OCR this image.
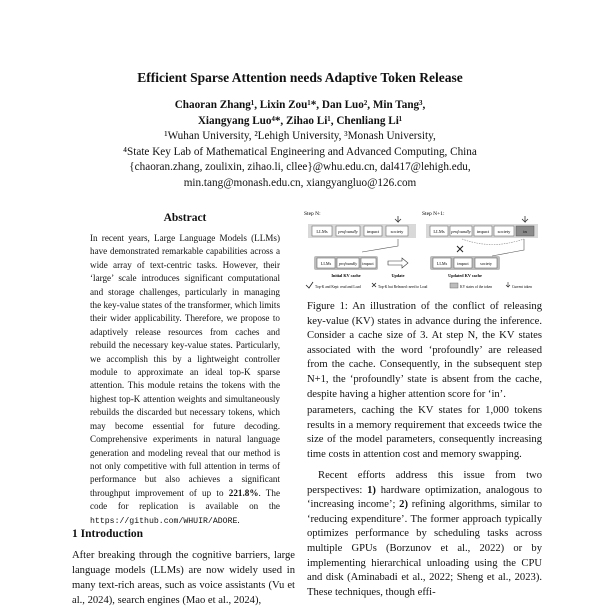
Efficient Sparse Attention needs Adaptive Token Release
Chaoran Zhang¹, Lixin Zou¹*, Dan Luo², Min Tang³,
Xiangyang Luo⁴*, Zihao Li¹, Chenliang Li¹
¹Wuhan University, ²Lehigh University, ³Monash University,
⁴State Key Lab of Mathematical Engineering and Advanced Computing, China
{chaoran.zhang, zoulixin, zihao.li, cllee}@whu.edu.cn, dal417@lehigh.edu,
min.tang@monash.edu.cn, xiangyangluo@126.com
Abstract
In recent years, Large Language Models (LLMs) have demonstrated remarkable capabilities across a wide array of text-centric tasks. However, their ‘large’ scale introduces significant computational and storage challenges, particularly in managing the key-value states of the transformer, which limits their wider applicability. Therefore, we propose to adaptively release resources from caches and rebuild the necessary key-value states. Particularly, we accomplish this by a lightweight controller module to approximate an ideal top-K sparse attention. This module retains the tokens with the highest top-K attention weights and simultaneously rebuilds the discarded but necessary tokens, which may become essential for future decoding. Comprehensive experiments in natural language generation and modeling reveal that our method is not only competitive with full attention in terms of performance but also achieves a significant throughput improvement of up to 221.8%. The code for replication is available on the https://github.com/WHUIR/ADORE.
1 Introduction
After breaking through the cognitive barriers, large language models (LLMs) are now widely used in many text-rich areas, such as voice assistants (Vu et al., 2024), search engines (Mao et al., 2024),
Step N:	Step N+1:
LLMs profoundly impact	society	LLMs profoundly impact society	in
LLMs profoundly impact
Initial KV cache	Update
LLMs impact	society
Updated KV cache
Top-K and Kept: read and Load	Top-K but Released: need to Load	KV states of the token	Current token
Figure 1: An illustration of the conflict of releasing key-value (KV) states in advance during the inference. Consider a cache size of 3. At step N, the KV states associated with the word ‘profoundly’ are released from the cache. Consequently, in the subsequent step N+1, the ‘profoundly’ state is absent from the cache, despite having a higher attention score for ‘in’.
parameters, caching the KV states for 1,000 tokens results in a memory requirement that exceeds twice the size of the model parameters, consequently increasing time costs in attention cost and memory swapping.
Recent efforts address this issue from two perspectives: 1) hardware optimization, analogous to ‘increasing income’; 2) refining algorithms, similar to ‘reducing expenditure’. The former approach typically optimizes performance by scheduling tasks across multiple GPUs (Borzunov et al., 2022) or by implementing hierarchical unloading using the CPU and disk (Aminabadi et al., 2022; Sheng et al., 2023). These techniques, though effi-
